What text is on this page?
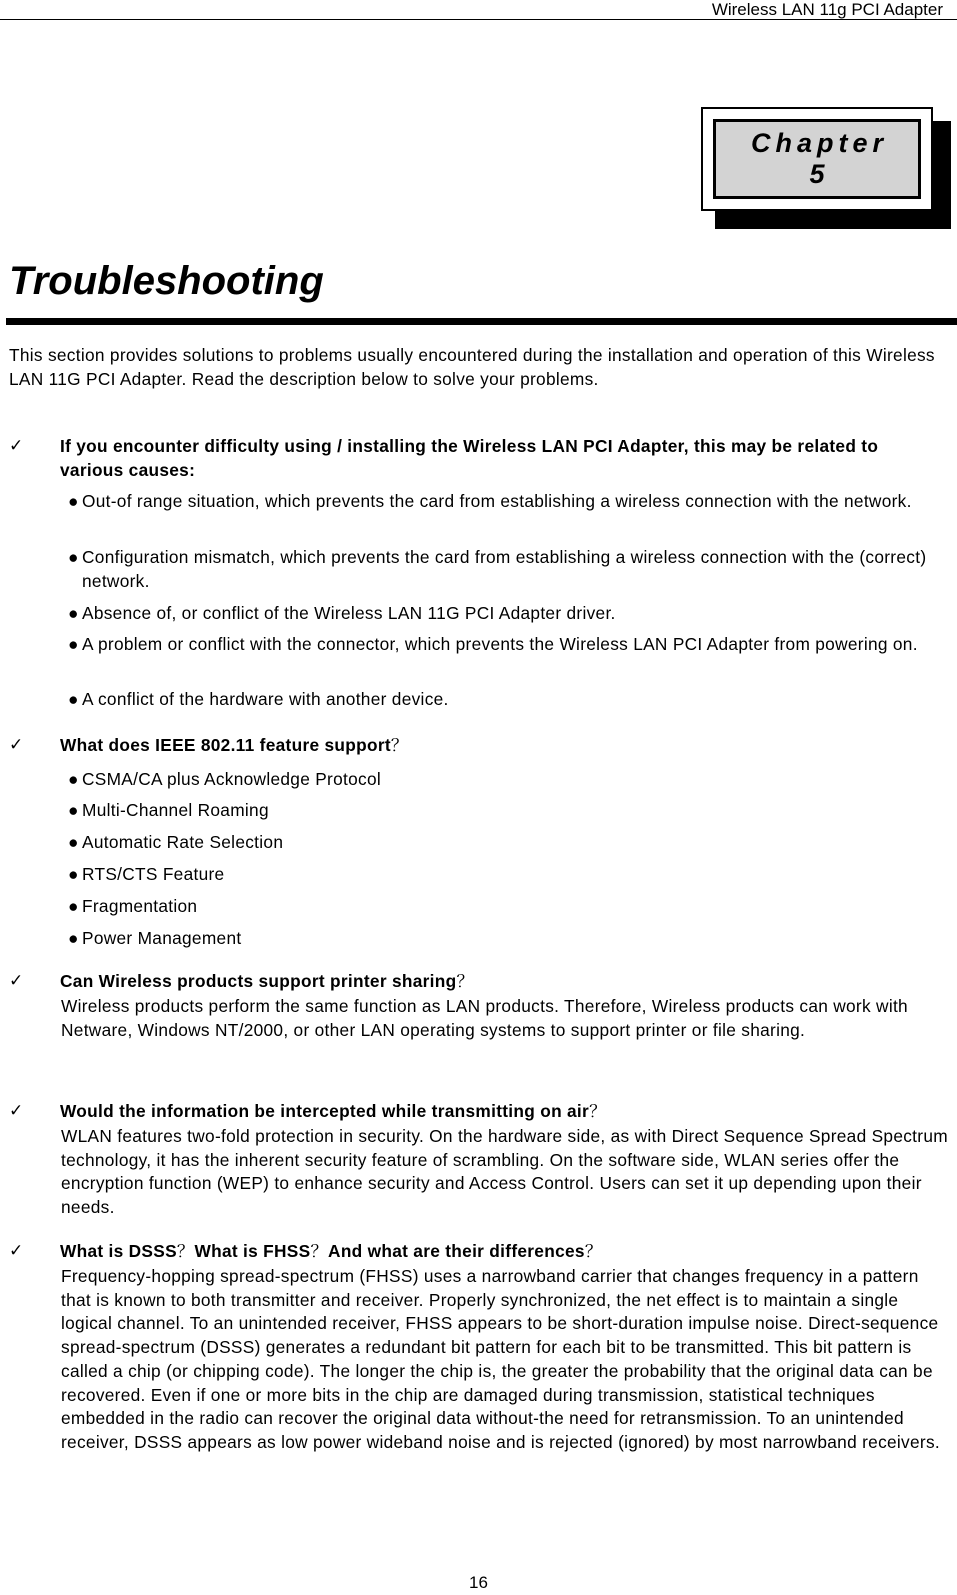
Wireless LAN 11g PCI Adapter
Chapter
5
Troubleshooting
This section provides solutions to problems usually encountered during the installation and operation of this Wireless LAN 11G PCI Adapter. Read the description below to solve your problems.
✓ If you encounter difficulty using / installing the Wireless LAN PCI Adapter, this may be related to various causes:
● Out-of range situation, which prevents the card from establishing a wireless connection with the network.
● Configuration mismatch, which prevents the card from establishing a wireless connection with the (correct) network.
● Absence of, or conflict of the Wireless LAN 11G PCI Adapter driver.
● A problem or conflict with the connector, which prevents the Wireless LAN PCI Adapter from powering on.
● A conflict of the hardware with another device.
✓ What does IEEE 802.11 feature support？
● CSMA/CA plus Acknowledge Protocol
● Multi-Channel Roaming
● Automatic Rate Selection
● RTS/CTS Feature
● Fragmentation
● Power Management
✓ Can Wireless products support printer sharing？
Wireless products perform the same function as LAN products. Therefore, Wireless products can work with Netware, Windows NT/2000, or other LAN operating systems to support printer or file sharing.
✓ Would the information be intercepted while transmitting on air？
WLAN features two-fold protection in security. On the hardware side, as with Direct Sequence Spread Spectrum technology, it has the inherent security feature of scrambling. On the software side, WLAN series offer the encryption function (WEP) to enhance security and Access Control. Users can set it up depending upon their needs.
✓ What is DSSS？What is FHSS？And what are their differences？
Frequency-hopping spread-spectrum (FHSS) uses a narrowband carrier that changes frequency in a pattern that is known to both transmitter and receiver. Properly synchronized, the net effect is to maintain a single logical channel. To an unintended receiver, FHSS appears to be short-duration impulse noise. Direct-sequence spread-spectrum (DSSS) generates a redundant bit pattern for each bit to be transmitted. This bit pattern is called a chip (or chipping code). The longer the chip is, the greater the probability that the original data can be recovered. Even if one or more bits in the chip are damaged during transmission, statistical techniques embedded in the radio can recover the original data without-the need for retransmission. To an unintended receiver, DSSS appears as low power wideband noise and is rejected (ignored) by most narrowband receivers.
16
